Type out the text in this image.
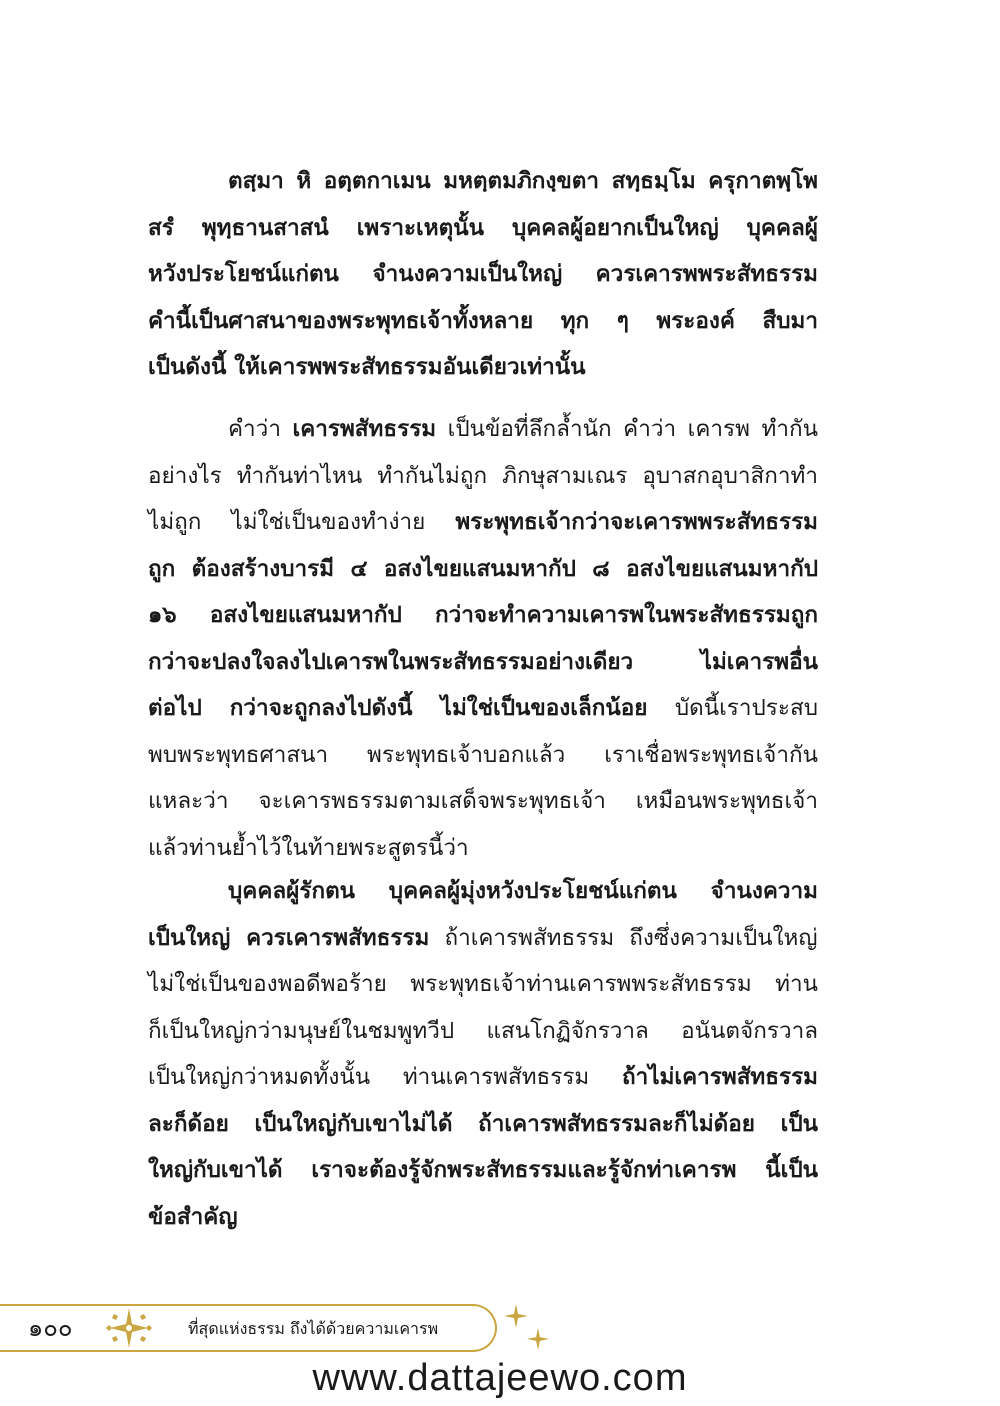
ตสฺมา หิ อตฺตกาเมน มหตฺตมภิกงฺขตา สทฺธมฺโม ครุกาตพฺโพ
สรํ พุทฺธานสาสนํ เพราะเหตุนั้น บุคคลผู้อยากเป็นใหญ่ บุคคลผู้
หวังประโยชน์แก่ตน จำนงความเป็นใหญ่ ควรเคารพพระสัทธรรม
คำนี้เป็นศาสนาของพระพุทธเจ้าทั้งหลาย ทุก ๆ พระองค์ สืบมา
เป็นดังนี้ ให้เคารพพระสัทธรรมอันเดียวเท่านั้น
คำว่า เคารพสัทธรรม เป็นข้อที่ลึกล้ำนัก คำว่า เคารพ ทำกัน
อย่างไร ทำกันท่าไหน ทำกันไม่ถูก ภิกษุสามเณร อุบาสกอุบาสิกาทำ
ไม่ถูก ไม่ใช่เป็นของทำง่าย พระพุทธเจ้ากว่าจะเคารพพระสัทธรรม
ถูก ต้องสร้างบารมี ๔ อสงไขยแสนมหากัป ๘ อสงไขยแสนมหากัป
๑๖ อสงไขยแสนมหากัป กว่าจะทำความเคารพในพระสัทธรรมถูก
กว่าจะปลงใจลงไปเคารพในพระสัทธรรมอย่างเดียว ไม่เคารพอื่น
ต่อไป กว่าจะถูกลงไปดังนี้ ไม่ใช่เป็นของเล็กน้อย บัดนี้เราประสบ
พบพระพุทธศาสนา พระพุทธเจ้าบอกแล้ว เราเชื่อพระพุทธเจ้ากัน
แหละว่า จะเคารพธรรมตามเสด็จพระพุทธเจ้า เหมือนพระพุทธเจ้า
แล้วท่านย้ำไว้ในท้ายพระสูตรนี้ว่า
บุคคลผู้รักตน บุคคลผู้มุ่งหวังประโยชน์แก่ตน จำนงความ
เป็นใหญ่ ควรเคารพสัทธรรม ถ้าเคารพสัทธรรม ถึงซึ่งความเป็นใหญ่
ไม่ใช่เป็นของพอดีพอร้าย พระพุทธเจ้าท่านเคารพพระสัทธรรม ท่าน
ก็เป็นใหญ่กว่ามนุษย์ในชมพูทวีป แสนโกฏิจักรวาล อนันตจักรวาล
เป็นใหญ่กว่าหมดทั้งนั้น ท่านเคารพสัทธรรม ถ้าไม่เคารพสัทธรรม
ละก็ด้อย เป็นใหญ่กับเขาไม่ได้ ถ้าเคารพสัทธรรมละก็ไม่ด้อย เป็น
ใหญ่กับเขาได้ เราจะต้องรู้จักพระสัทธรรมและรู้จักท่าเคารพ นี้เป็น
ข้อสำคัญ
๑๐๐	ที่สุดแห่งธรรม ถึงได้ด้วยความเคารพ
www.dattajeewo.com
